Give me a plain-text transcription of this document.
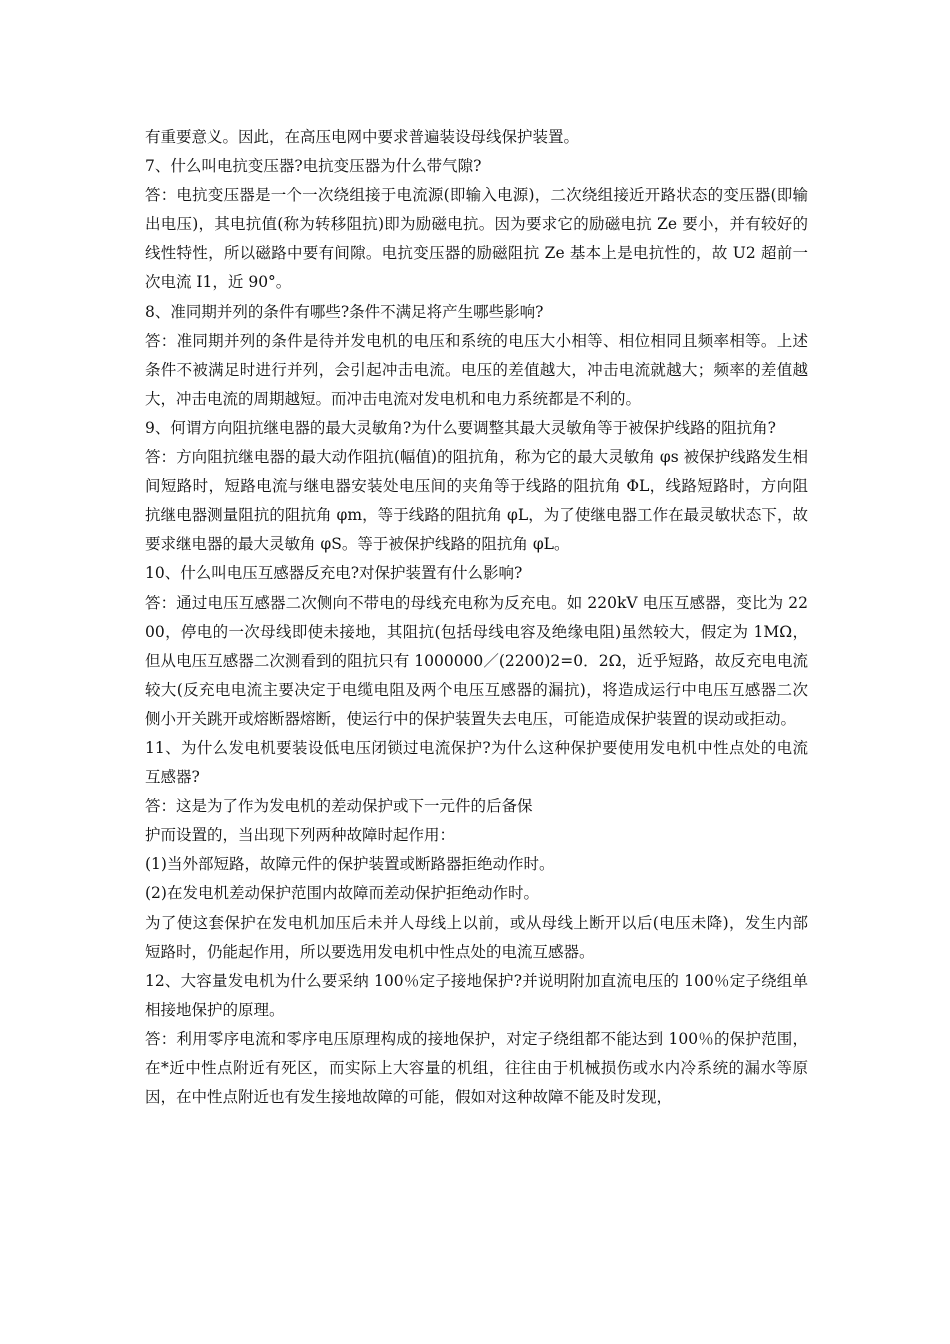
有重要意义。因此，在高压电网中要求普遍装设母线保护装置。

7、什么叫电抗变压器?电抗变压器为什么带气隙?

答：电抗变压器是一个一次绕组接于电流源(即输入电源)，二次绕组接近开路状态的变压器(即输出电压)，其电抗值(称为转移阻抗)即为励磁电抗。因为要求它的励磁电抗 Ze 要小，并有较好的线性特性，所以磁路中要有间隙。电抗变压器的励磁阻抗 Ze 基本上是电抗性的，故 U2 超前一次电流 I1，近 90°。

8、准同期并列的条件有哪些?条件不满足将产生哪些影响?

答：准同期并列的条件是待并发电机的电压和系统的电压大小相等、相位相同且频率相等。上述条件不被满足时进行并列，会引起冲击电流。电压的差值越大，冲击电流就越大；频率的差值越大，冲击电流的周期越短。而冲击电流对发电机和电力系统都是不利的。

9、何谓方向阻抗继电器的最大灵敏角?为什么要调整其最大灵敏角等于被保护线路的阻抗角?

答：方向阻抗继电器的最大动作阻抗(幅值)的阻抗角，称为它的最大灵敏角 φs 被保护线路发生相间短路时，短路电流与继电器安装处电压间的夹角等于线路的阻抗角 ΦL，线路短路时，方向阻抗继电器测量阻抗的阻抗角 φm，等于线路的阻抗角 φL，为了使继电器工作在最灵敏状态下，故要求继电器的最大灵敏角 φS。等于被保护线路的阻抗角 φL。

10、什么叫电压互感器反充电?对保护装置有什么影响?

答：通过电压互感器二次侧向不带电的母线充电称为反充电。如 220kV 电压互感器，变比为 2200，停电的一次母线即使未接地，其阻抗(包括母线电容及绝缘电阻)虽然较大，假定为 1MΩ，但从电压互感器二次测看到的阻抗只有 1000000／(2200)2=0．2Ω，近乎短路，故反充电电流较大(反充电电流主要决定于电缆电阻及两个电压互感器的漏抗)，将造成运行中电压互感器二次侧小开关跳开或熔断器熔断，使运行中的保护装置失去电压，可能造成保护装置的误动或拒动。

11、为什么发电机要装设低电压闭锁过电流保护?为什么这种保护要使用发电机中性点处的电流互感器?

答：这是为了作为发电机的差动保护或下一元件的后备保

护而设置的，当出现下列两种故障时起作用：

(1)当外部短路，故障元件的保护装置或断路器拒绝动作时。

(2)在发电机差动保护范围内故障而差动保护拒绝动作时。

为了使这套保护在发电机加压后未并人母线上以前，或从母线上断开以后(电压未降)，发生内部短路时，仍能起作用，所以要选用发电机中性点处的电流互感器。

12、大容量发电机为什么要采纳 100％定子接地保护?并说明附加直流电压的 100％定子绕组单相接地保护的原理。

答：利用零序电流和零序电压原理构成的接地保护，对定子绕组都不能达到 100％的保护范围，在*近中性点附近有死区，而实际上大容量的机组，往往由于机械损伤或水内冷系统的漏水等原因，在中性点附近也有发生接地故障的可能，假如对这种故障不能及时发现，
